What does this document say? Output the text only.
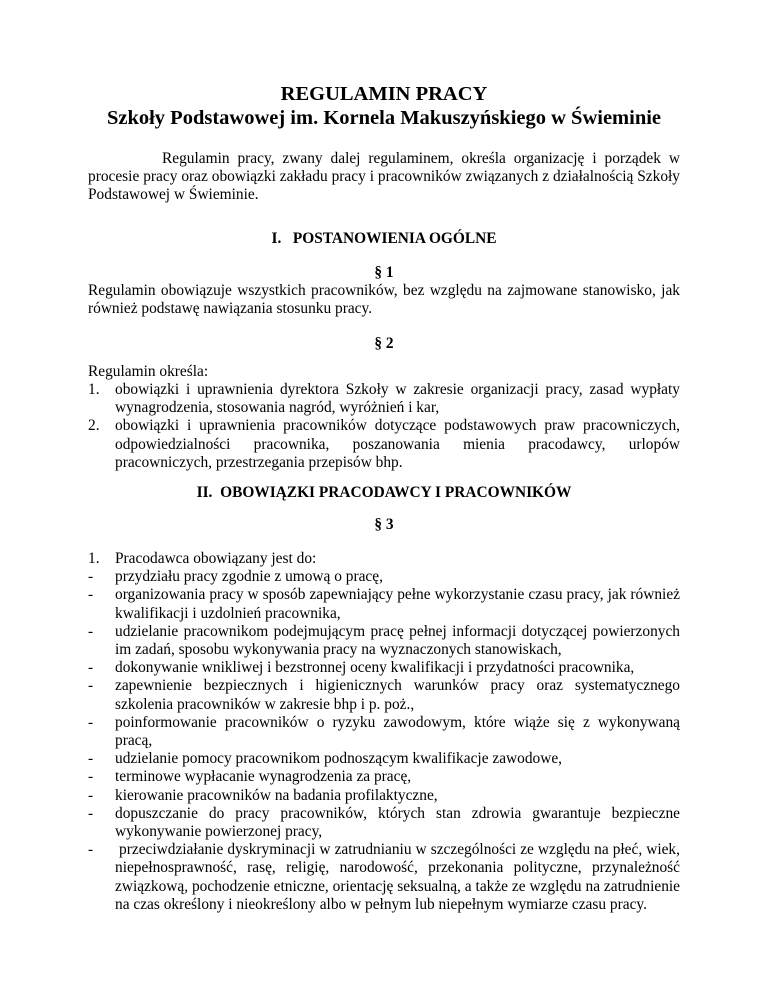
REGULAMIN PRACY
Szkoły Podstawowej im. Kornela Makuszyńskiego w Świeminie
Regulamin pracy, zwany dalej regulaminem, określa organizację i porządek w procesie pracy oraz obowiązki zakładu pracy i pracowników związanych z działalnością Szkoły Podstawowej w Świeminie.
I.   POSTANOWIENIA OGÓLNE
§ 1
Regulamin obowiązuje wszystkich pracowników, bez względu na zajmowane stanowisko, jak również podstawę nawiązania stosunku pracy.
§ 2
Regulamin określa:
1. obowiązki i uprawnienia dyrektora Szkoły w zakresie organizacji pracy, zasad wypłaty wynagrodzenia, stosowania nagród, wyróżnień i kar,
2. obowiązki i uprawnienia pracowników dotyczące podstawowych praw pracowniczych, odpowiedzialności pracownika, poszanowania mienia pracodawcy, urlopów pracowniczych, przestrzegania przepisów bhp.
II.  OBOWIĄZKI PRACODAWCY I PRACOWNIKÓW
§ 3
1. Pracodawca obowiązany jest do:
- przydziału pracy zgodnie z umową o pracę,
- organizowania pracy w sposób zapewniający pełne wykorzystanie czasu pracy, jak również kwalifikacji i uzdolnień pracownika,
- udzielanie pracownikom podejmującym pracę pełnej informacji dotyczącej powierzonych im zadań, sposobu wykonywania pracy na wyznaczonych stanowiskach,
- dokonywanie wnikliwej i bezstronnej oceny kwalifikacji i przydatności pracownika,
- zapewnienie bezpiecznych i higienicznych warunków pracy oraz systematycznego szkolenia pracowników w zakresie bhp i p. poż.,
- poinformowanie pracowników o ryzyku zawodowym, które wiąże się z wykonywaną pracą,
- udzielanie pomocy pracownikom podnoszącym kwalifikacje zawodowe,
- terminowe wypłacanie wynagrodzenia za pracę,
- kierowanie pracowników na badania profilaktyczne,
- dopuszczanie do pracy pracowników, których stan zdrowia gwarantuje bezpieczne wykonywanie powierzonej pracy,
- przeciwdziałanie dyskryminacji w zatrudnianiu w szczególności ze względu na płeć, wiek, niepełnosprawność, rasę, religię, narodowość, przekonania polityczne, przynależność związkową, pochodzenie etniczne, orientację seksualną, a także ze względu na zatrudnienie na czas określony i nieokreślony albo w pełnym lub niepełnym wymiarze czasu pracy.
